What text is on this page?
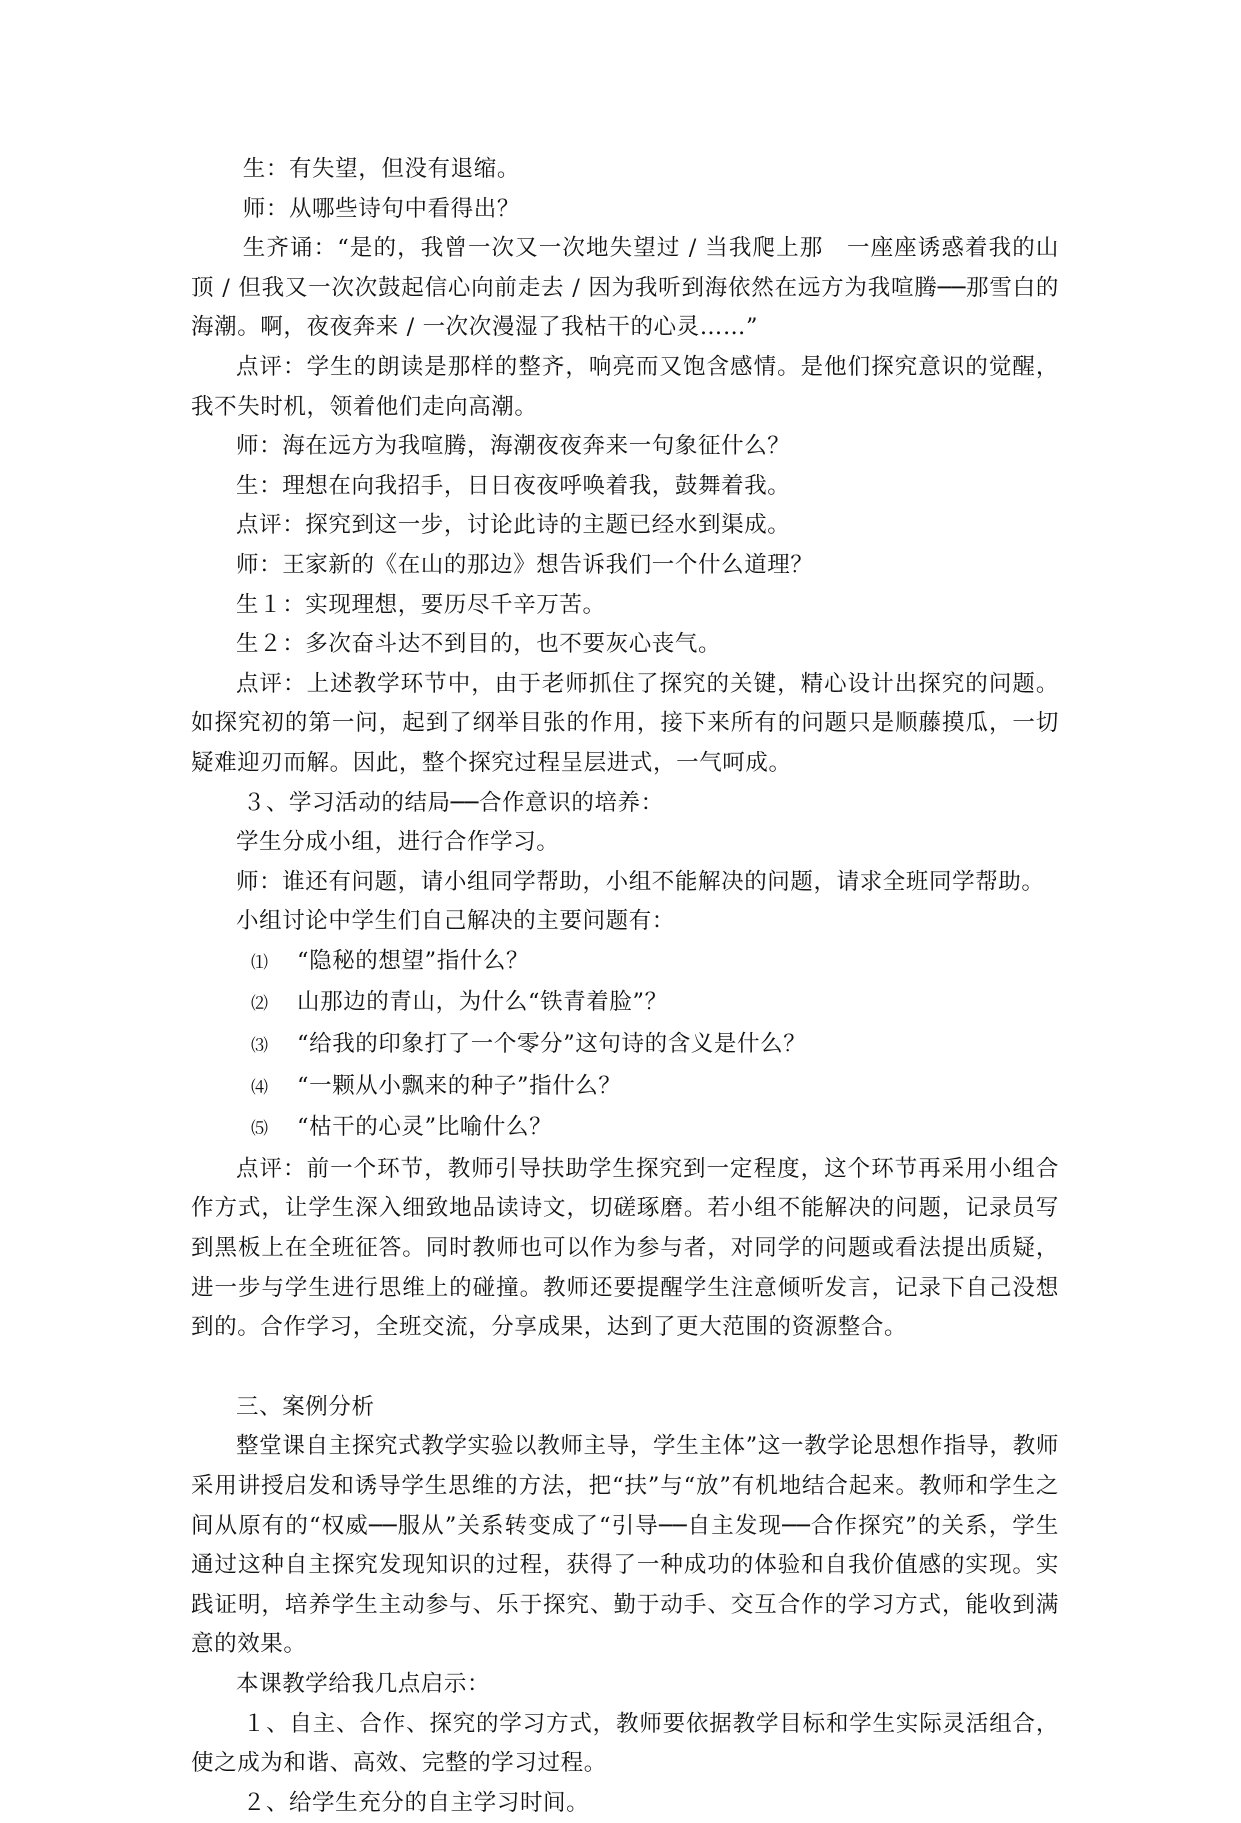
生：有失望，但没有退缩。

师：从哪些诗句中看得出？

生齐诵：“是的，我曾一次又一次地失望过 / 当我爬上那　一座座诱惑着我的山顶 / 但我又一次次鼓起信心向前走去 / 因为我听到海依然在远方为我喧腾──那雪白的海潮。啊，夜夜奔来 / 一次次漫湿了我枯干的心灵……”

点评：学生的朗读是那样的整齐，响亮而又饱含感情。是他们探究意识的觉醒，我不失时机，领着他们走向高潮。

师：海在远方为我喧腾，海潮夜夜奔来一句象征什么？

生：理想在向我招手，日日夜夜呼唤着我，鼓舞着我。

点评：探究到这一步，讨论此诗的主题已经水到渠成。

师：王家新的《在山的那边》想告诉我们一个什么道理？

生１：实现理想，要历尽千辛万苦。

生２：多次奋斗达不到目的，也不要灰心丧气。

点评：上述教学环节中，由于老师抓住了探究的关键，精心设计出探究的问题。如探究初的第一问，起到了纲举目张的作用，接下来所有的问题只是顺藤摸瓜，一切疑难迎刃而解。因此，整个探究过程呈层进式，一气呵成。

３、学习活动的结局──合作意识的培养：

学生分成小组，进行合作学习。

师：谁还有问题，请小组同学帮助，小组不能解决的问题，请求全班同学帮助。

小组讨论中学生们自己解决的主要问题有：

⑴ “隐秘的想望”指什么？

⑵ 山那边的青山，为什么“铁青着脸”？

⑶ “给我的印象打了一个零分”这句诗的含义是什么？

⑷ “一颗从小飘来的种子”指什么？

⑸ “枯干的心灵”比喻什么？

点评：前一个环节，教师引导扶助学生探究到一定程度，这个环节再采用小组合作方式，让学生深入细致地品读诗文，切磋琢磨。若小组不能解决的问题，记录员写到黑板上在全班征答。同时教师也可以作为参与者，对同学的问题或看法提出质疑，进一步与学生进行思维上的碰撞。教师还要提醒学生注意倾听发言，记录下自己没想到的。合作学习，全班交流，分享成果，达到了更大范围的资源整合。

三、案例分析

整堂课自主探究式教学实验以教师主导，学生主体”这一教学论思想作指导，教师采用讲授启发和诱导学生思维的方法，把“扶”与“放”有机地结合起来。教师和学生之间从原有的“权威──服从”关系转变成了“引导──自主发现──合作探究”的关系，学生通过这种自主探究发现知识的过程，获得了一种成功的体验和自我价值感的实现。实践证明，培养学生主动参与、乐于探究、勤于动手、交互合作的学习方式，能收到满意的效果。

本课教学给我几点启示：

１、自主、合作、探究的学习方式，教师要依据教学目标和学生实际灵活组合，使之成为和谐、高效、完整的学习过程。

２、给学生充分的自主学习时间。
